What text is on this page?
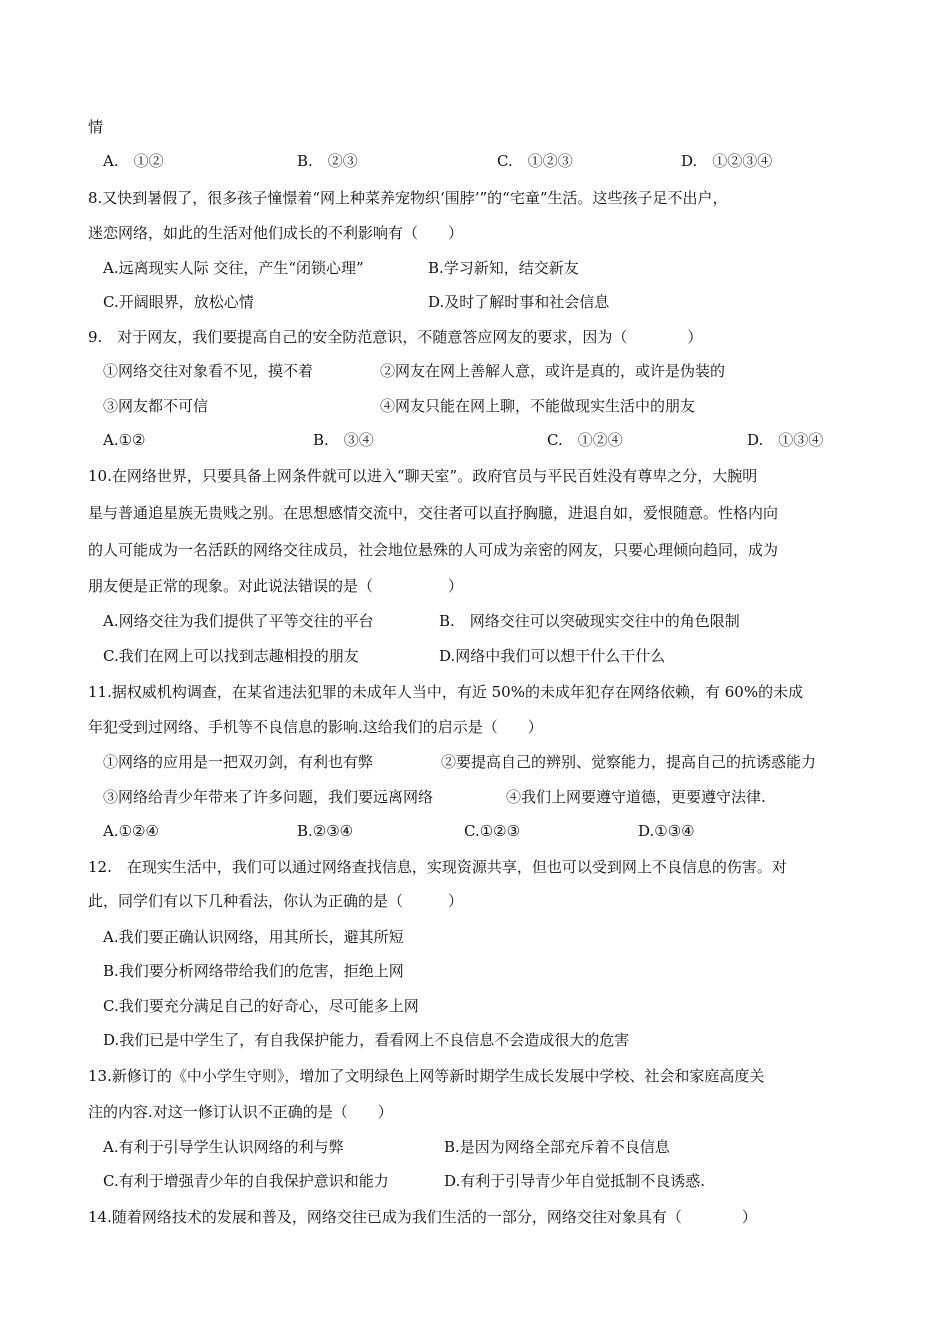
情
A.　①②	B.　②③	C.　①②③	D.　①②③④
8.又快到暑假了，很多孩子憧憬着“网上种菜养宠物织‘围脖’”的“宅童”生活。这些孩子足不出户，
迷恋网络，如此的生活对他们成长的不利影响有（　　）
A.远离现实人际 交往，产生“闭锁心理”	B.学习新知，结交新友
C.开阔眼界，放松心情	D.及时了解时事和社会信息
9.　对于网友，我们要提高自己的安全防范意识，不随意答应网友的要求，因为（　　　　）
①网络交往对象看不见，摸不着	②网友在网上善解人意，或许是真的，或许是伪装的
③网友都不可信	④网友只能在网上聊，不能做现实生活中的朋友
A.①②	B.　③④	C.　①②④	D.　①③④
10.在网络世界，只要具备上网条件就可以进入“聊天室”。政府官员与平民百姓没有尊卑之分，大腕明
星与普通追星族无贵贱之别。在思想感情交流中，交往者可以直抒胸臆，进退自如，爱恨随意。性格内向
的人可能成为一名活跃的网络交往成员，社会地位悬殊的人可成为亲密的网友，只要心理倾向趋同，成为
朋友便是正常的现象。对此说法错误的是（　　　　　）
A.网络交往为我们提供了平等交往的平台	B.　网络交往可以突破现实交往中的角色限制
C.我们在网上可以找到志趣相投的朋友	D.网络中我们可以想干什么干什么
11.据权威机构调查，在某省违法犯罪的未成年人当中，有近 50%的未成年犯存在网络依赖，有 60%的未成
年犯受到过网络、手机等不良信息的影响.这给我们的启示是（　　）
①网络的应用是一把双刃剑，有利也有弊	②要提高自己的辨别、觉察能力，提高自己的抗诱惑能力
③网络给青少年带来了许多问题，我们要远离网络	④我们上网要遵守道德，更要遵守法律.
A.①②④	B.②③④	C.①②③	D.①③④
12.　在现实生活中，我们可以通过网络查找信息，实现资源共享，但也可以受到网上不良信息的伤害。对
此，同学们有以下几种看法，你认为正确的是（　　　）
A.我们要正确认识网络，用其所长，避其所短
B.我们要分析网络带给我们的危害，拒绝上网
C.我们要充分满足自己的好奇心，尽可能多上网
D.我们已是中学生了，有自我保护能力，看看网上不良信息不会造成很大的危害
13.新修订的《中小学生守则》，增加了文明绿色上网等新时期学生成长发展中学校、社会和家庭高度关
注的内容.对这一修订认识不正确的是（　　）
A.有利于引导学生认识网络的利与弊	B.是因为网络全部充斥着不良信息
C.有利于增强青少年的自我保护意识和能力	D.有利于引导青少年自觉抵制不良诱惑.
14.随着网络技术的发展和普及，网络交往已成为我们生活的一部分，网络交往对象具有（　　　　）
